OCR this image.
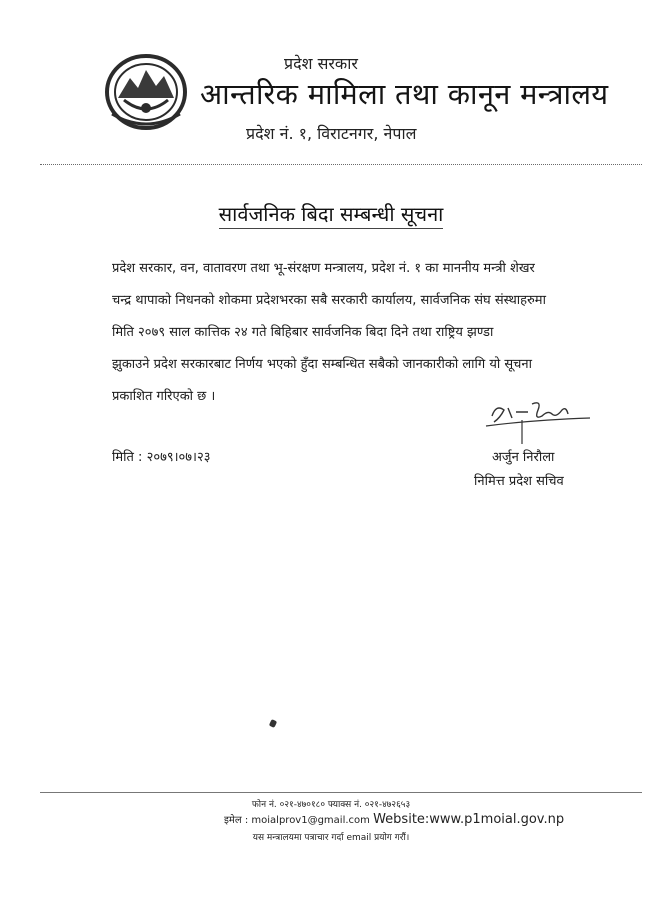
प्रदेश सरकार
आन्तरिक मामिला तथा कानून मन्त्रालय
प्रदेश नं. १, विराटनगर, नेपाल
सार्वजनिक बिदा सम्बन्धी सूचना
प्रदेश सरकार, वन, वातावरण तथा भू-संरक्षण मन्त्रालय, प्रदेश नं. १ का माननीय मन्त्री शेखर
चन्द्र थापाको निधनको शोकमा प्रदेशभरका सबै सरकारी कार्यालय, सार्वजनिक संघ संस्थाहरुमा
मिति २०७९ साल कात्तिक २४ गते बिहिबार सार्वजनिक बिदा दिने तथा राष्ट्रिय झण्डा
झुकाउने प्रदेश सरकारबाट निर्णय भएको हुँदा सम्बन्धित सबैको जानकारीको लागि यो सूचना
प्रकाशित गरिएको छ ।
मिति : २०७९।०७।२३	अर्जुन निरौला
निमित्त प्रदेश सचिव
फोन नं. ०२१-४७०१८० फ्याक्स नं. ०२१-४७२६५३
इमेल : moialprov1@gmail.com Website:www.p1moial.gov.np
यस मन्त्रालयमा पत्राचार गर्दा email प्रयोग गरौं।
